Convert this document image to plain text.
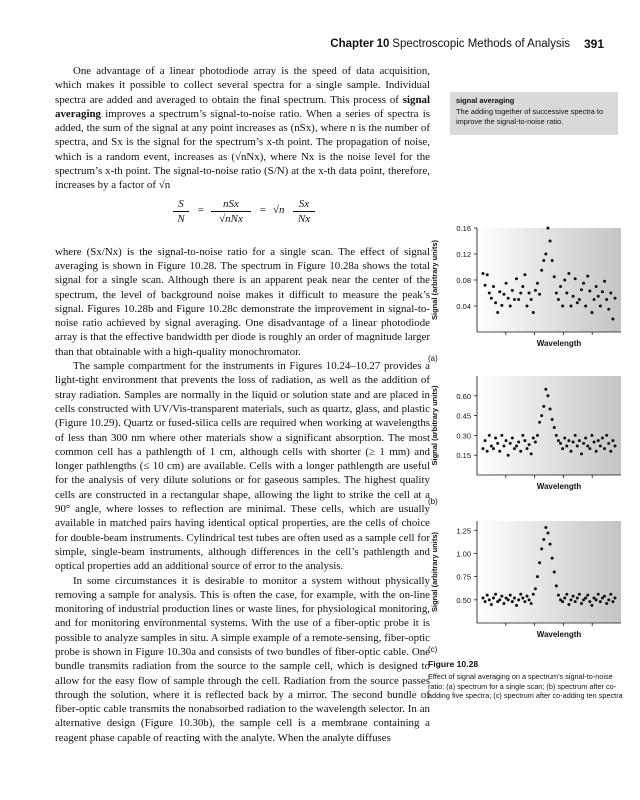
Chapter 10 Spectroscopic Methods of Analysis 391

One advantage of a linear photodiode array is the speed of data acquisition, which makes it possible to collect several spectra for a single sample. Individual spectra are added and averaged to obtain the final spectrum. This process of signal averaging improves a spectrum’s signal-to-noise ratio. When a series of spectra is added, the sum of the signal at any point increases as (nSx), where n is the number of spectra, and Sx is the signal for the spectrum’s x-th point. The propagation of noise, which is a random event, increases as (√nNx), where Nx is the noise level for the spectrum’s x-th point. The signal-to-noise ratio (S/N) at the x-th data point, therefore, increases by a factor of √n

$\frac{S}{N}$ =	nSx
√nNx
= $√n \frac{Sx}{Nx}$

where (Sx/Nx) is the signal-to-noise ratio for a single scan. The effect of signal averaging is shown in Figure 10.28. The spectrum in Figure 10.28a shows the total signal for a single scan. Although there is an apparent peak near the center of the spectrum, the level of background noise makes it difficult to measure the peak’s signal. Figures 10.28b and Figure 10.28c demonstrate the improvement in signal-to-noise ratio achieved by signal averaging. One disadvantage of a linear photodiode array is that the effective bandwidth per diode is roughly an order of magnitude larger than that obtainable with a high-quality monochromator.

The sample compartment for the instruments in Figures 10.24–10.27 provides a light-tight environment that prevents the loss of radiation, as well as the addition of stray radiation. Samples are normally in the liquid or solution state and are placed in cells constructed with UV/Vis-transparent materials, such as quartz, glass, and plastic (Figure 10.29). Quartz or fused-silica cells are required when working at wavelengths of less than 300 nm where other materials show a significant absorption. The most common cell has a pathlength of 1 cm, although cells with shorter (≥ 1 mm) and longer pathlengths (≤ 10 cm) are available. Cells with a longer pathlength are useful for the analysis of very dilute solutions or for gaseous samples. The highest quality cells are constructed in a rectangular shape, allowing the light to strike the cell at a 90° angle, where losses to reflection are minimal. These cells, which are usually available in matched pairs having identical optical properties, are the cells of choice for double-beam instruments. Cylindrical test tubes are often used as a sample cell for simple, single-beam instruments, although differences in the cell’s pathlength and optical properties add an additional source of error to the analysis.

In some circumstances it is desirable to monitor a system without physically removing a sample for analysis. This is often the case, for example, with the on-line monitoring of industrial production lines or waste lines, for physiological monitoring, and for monitoring environmental systems. With the use of a fiber-optic probe it is possible to analyze samples in situ. A simple example of a remote-sensing, fiber-optic probe is shown in Figure 10.30a and consists of two bundles of fiber-optic cable. One bundle transmits radiation from the source to the sample cell, which is designed to allow for the easy flow of sample through the cell. Radiation from the source passes through the solution, where it is reflected back by a mirror. The second bundle of fiber-optic cable transmits the nonabsorbed radiation to the wavelength selector. In an alternative design (Figure 10.30b), the sample cell is a membrane containing a reagent phase capable of reacting with the analyte. When the analyte diffuses

signal averaging
The adding together of successive spectra to improve the signal-to-noise ratio.
0.16
0.12
0.08
0.04
Wavelength
Signal (arbitrary units)
(a)
0.60
0.45
0.30
0.15
Wavelength
Signal (arbitrary units)
(b)
1.25
1.00
0.75
0.50
Wavelength
Signal (arbitrary units)
(c)
Figure 10.28
Effect of signal averaging on a spectrum’s signal-to-noise ratio: (a) spectrum for a single scan; (b) spectrum after co-adding five spectra; (c) spectrum after co-adding ten spectra
